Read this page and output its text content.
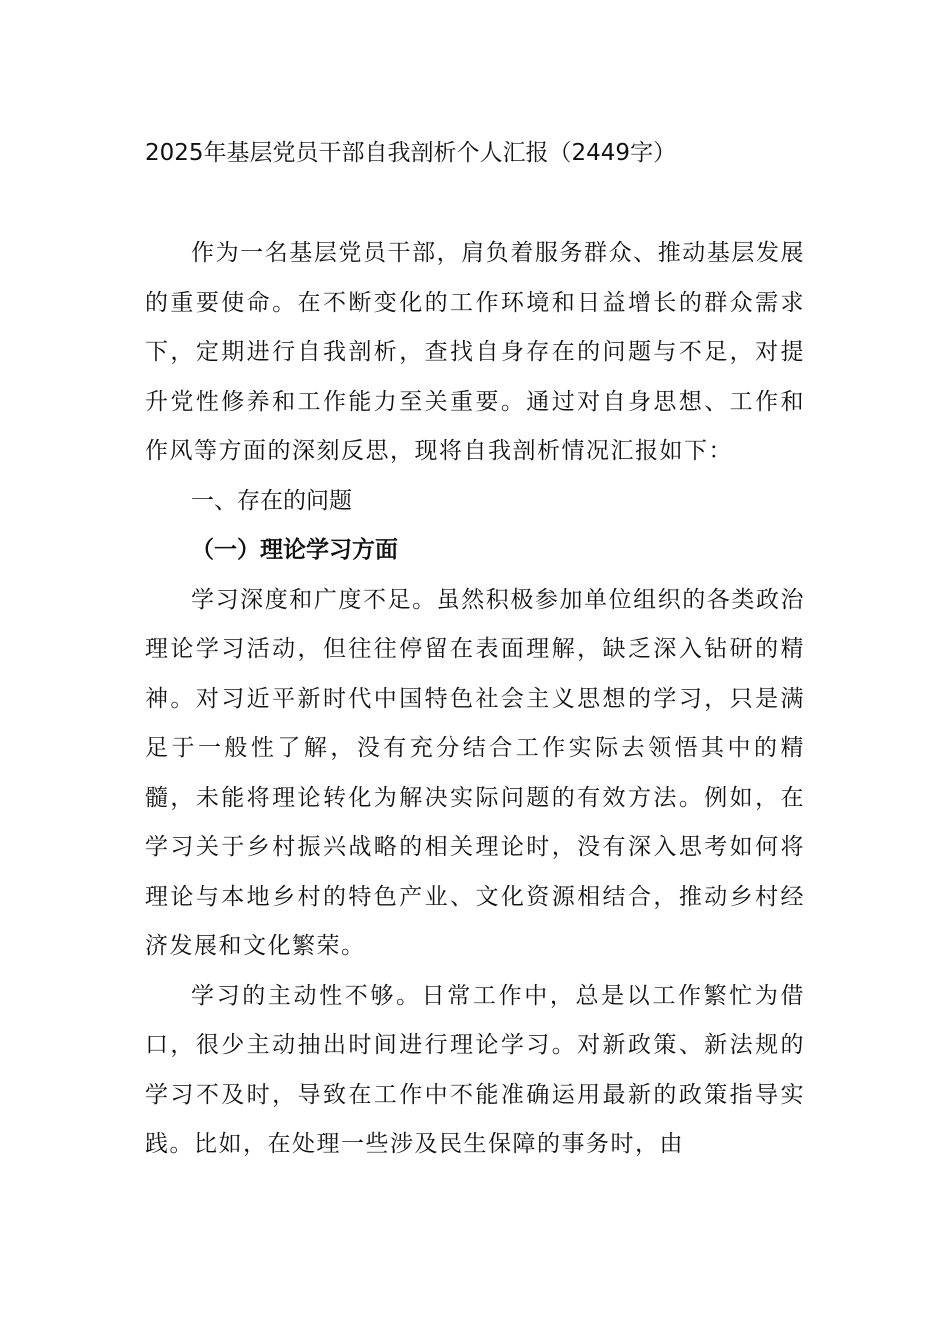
2025年基层党员干部自我剖析个人汇报（2449字）

作为一名基层党员干部，肩负着服务群众、推动基层发展的重要使命。在不断变化的工作环境和日益增长的群众需求下，定期进行自我剖析，查找自身存在的问题与不足，对提升党性修养和工作能力至关重要。通过对自身思想、工作和作风等方面的深刻反思，现将自我剖析情况汇报如下：

一、存在的问题

（一）理论学习方面

学习深度和广度不足。虽然积极参加单位组织的各类政治理论学习活动，但往往停留在表面理解，缺乏深入钻研的精神。对习近平新时代中国特色社会主义思想的学习，只是满足于一般性了解，没有充分结合工作实际去领悟其中的精髓，未能将理论转化为解决实际问题的有效方法。例如，在学习关于乡村振兴战略的相关理论时，没有深入思考如何将理论与本地乡村的特色产业、文化资源相结合，推动乡村经济发展和文化繁荣。

学习的主动性不够。日常工作中，总是以工作繁忙为借口，很少主动抽出时间进行理论学习。对新政策、新法规的学习不及时，导致在工作中不能准确运用最新的政策指导实践。比如，在处理一些涉及民生保障的事务时，由
